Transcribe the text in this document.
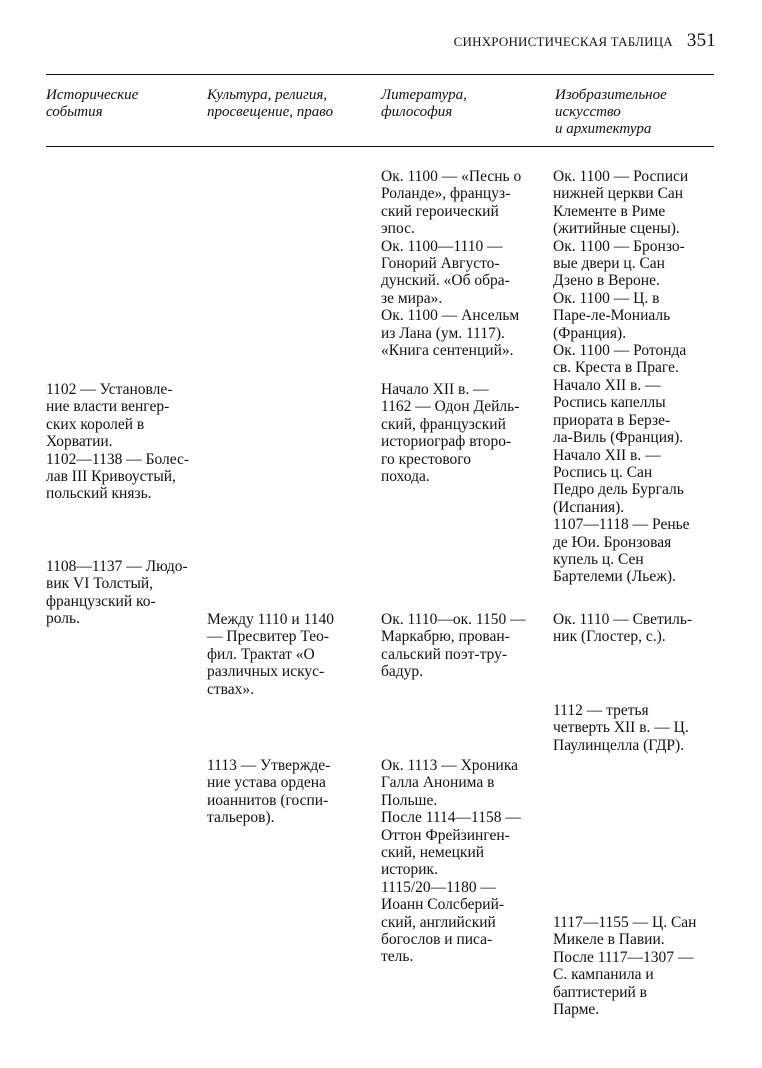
СИНХРОНИСТИЧЕСКАЯ ТАБЛИЦА 351
Исторические
события
Культура, религия,
просвещение, право
Литература,
философия
Изобразительное
искусство
и архитектура
Ок. 1100 — «Песнь о
Роланде», француз-
ский героический
эпос.
Ок. 1100—1110 —
Гонорий Августо-
дунский. «Об обра-
зе мира».
Ок. 1100 — Ансельм
из Лана (ум. 1117).
«Книга сентенций».
Ок. 1100 — Росписи
нижней церкви Сан
Клементе в Риме
(житийные сцены).
Ок. 1100 — Бронзо-
вые двери ц. Сан
Дзено в Вероне.
Ок. 1100 — Ц. в
Паре-ле-Мониаль
(Франция).
Ок. 1100 — Ротонда
св. Креста в Праге.
Начало XII в. —
Роспись капеллы
приората в Берзе-
ла-Виль (Франция).
Начало XII в. —
Роспись ц. Сан
Педро дель Бургаль
(Испания).
1107—1118 — Ренье
де Юи. Бронзовая
купель ц. Сен
Бартелеми (Льеж).
1102 — Установле-
ние власти венгер-
ских королей в
Хорватии.
1102—1138 — Болес-
лав III Кривоустый,
польский князь.
Начало XII в. —
1162 — Одон Дейль-
ский, французский
историограф второ-
го крестового
похода.
1108—1137 — Людо-
вик VI Толстый,
французский ко-
роль.	Между 1110 и 1140
— Пресвитер Тео-
фил. Трактат «О
различных искус-
ствах».
Ок. 1110—ок. 1150 —
Маркабрю, прован-
сальский поэт-тру-
бадур.
Ок. 1110 — Светиль-
ник (Глостер, с.).
1112 — третья
четверть XII в. — Ц.
Паулинцелла (ГДР).
1113 — Утвержде-
ние устава ордена
иоаннитов (госпи-
тальеров).
Ок. 1113 — Хроника
Галла Анонима в
Польше.
После 1114—1158 —
Оттон Фрейзинген-
ский, немецкий
историк.
1115/20—1180 —
Иоанн Солсберий-
ский, английский
богослов и писа-
тель.
1117—1155 — Ц. Сан
Микеле в Павии.
После 1117—1307 —
С. кампанила и
баптистерий в
Парме.
